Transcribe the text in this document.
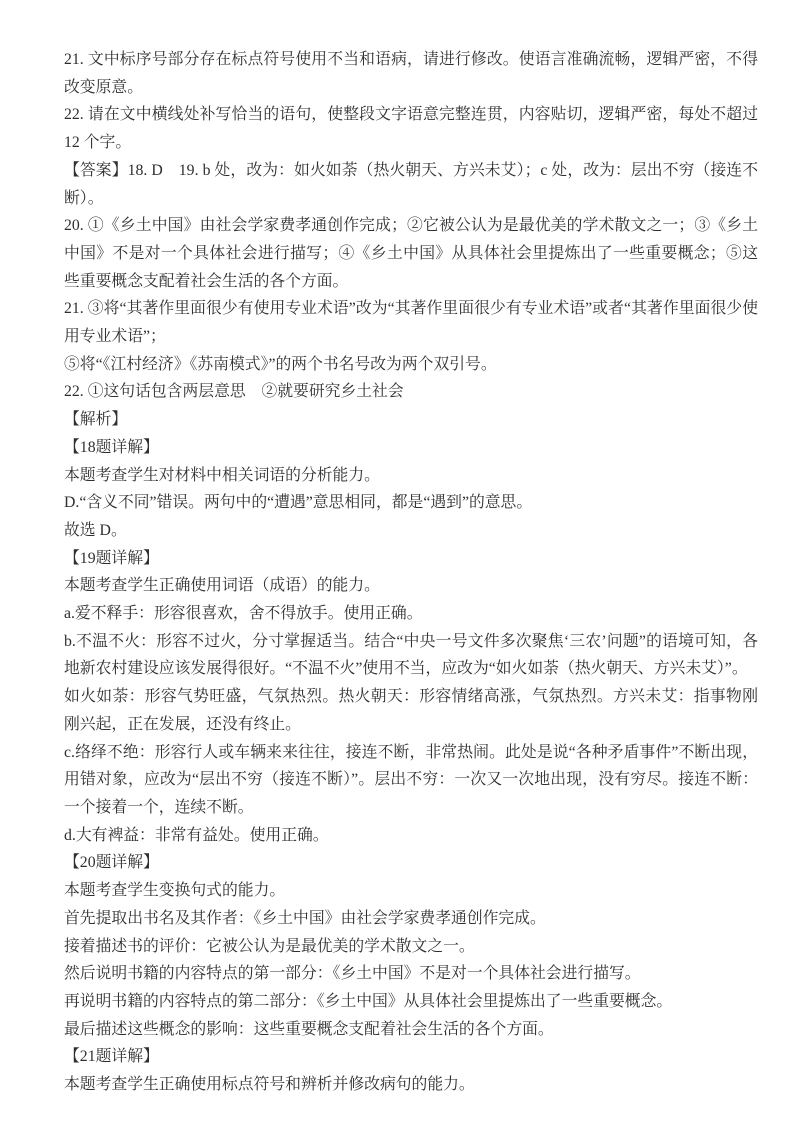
21. 文中标序号部分存在标点符号使用不当和语病，请进行修改。使语言准确流畅，逻辑严密，不得改变原意。

22. 请在文中横线处补写恰当的语句，使整段文字语意完整连贯，内容贴切，逻辑严密，每处不超过 12 个字。

【答案】18. D　19. b 处，改为：如火如荼（热火朝天、方兴未艾）；c 处，改为：层出不穷（接连不断）。

20. ①《乡土中国》由社会学家费孝通创作完成；②它被公认为是最优美的学术散文之一；③《乡土中国》不是对一个具体社会进行描写；④《乡土中国》从具体社会里提炼出了一些重要概念；⑤这些重要概念支配着社会生活的各个方面。

21. ③将“其著作里面很少有使用专业术语”改为“其著作里面很少有专业术语”或者“其著作里面很少使用专业术语”；

⑤将“《江村经济》《苏南模式》”的两个书名号改为两个双引号。

22. ①这句话包含两层意思　②就要研究乡土社会

【解析】

【18题详解】

本题考查学生对材料中相关词语的分析能力。

D.“含义不同”错误。两句中的“遭遇”意思相同，都是“遇到”的意思。

故选 D。

【19题详解】

本题考查学生正确使用词语（成语）的能力。

a.爱不释手：形容很喜欢，舍不得放手。使用正确。

b.不温不火：形容不过火，分寸掌握适当。结合“中央一号文件多次聚焦‘三农’问题”的语境可知，各地新农村建设应该发展得很好。“不温不火”使用不当，应改为“如火如荼（热火朝天、方兴未艾）”。

如火如荼：形容气势旺盛，气氛热烈。热火朝天：形容情绪高涨，气氛热烈。方兴未艾：指事物刚刚兴起，正在发展，还没有终止。

c.络绎不绝：形容行人或车辆来来往往，接连不断，非常热闹。此处是说“各种矛盾事件”不断出现，用错对象，应改为“层出不穷（接连不断）”。层出不穷：一次又一次地出现，没有穷尽。接连不断：一个接着一个，连续不断。

d.大有裨益：非常有益处。使用正确。

【20题详解】

本题考查学生变换句式的能力。

首先提取出书名及其作者：《乡土中国》由社会学家费孝通创作完成。

接着描述书的评价：它被公认为是最优美的学术散文之一。

然后说明书籍的内容特点的第一部分：《乡土中国》不是对一个具体社会进行描写。

再说明书籍的内容特点的第二部分：《乡土中国》从具体社会里提炼出了一些重要概念。

最后描述这些概念的影响：这些重要概念支配着社会生活的各个方面。

【21题详解】

本题考查学生正确使用标点符号和辨析并修改病句的能力。
